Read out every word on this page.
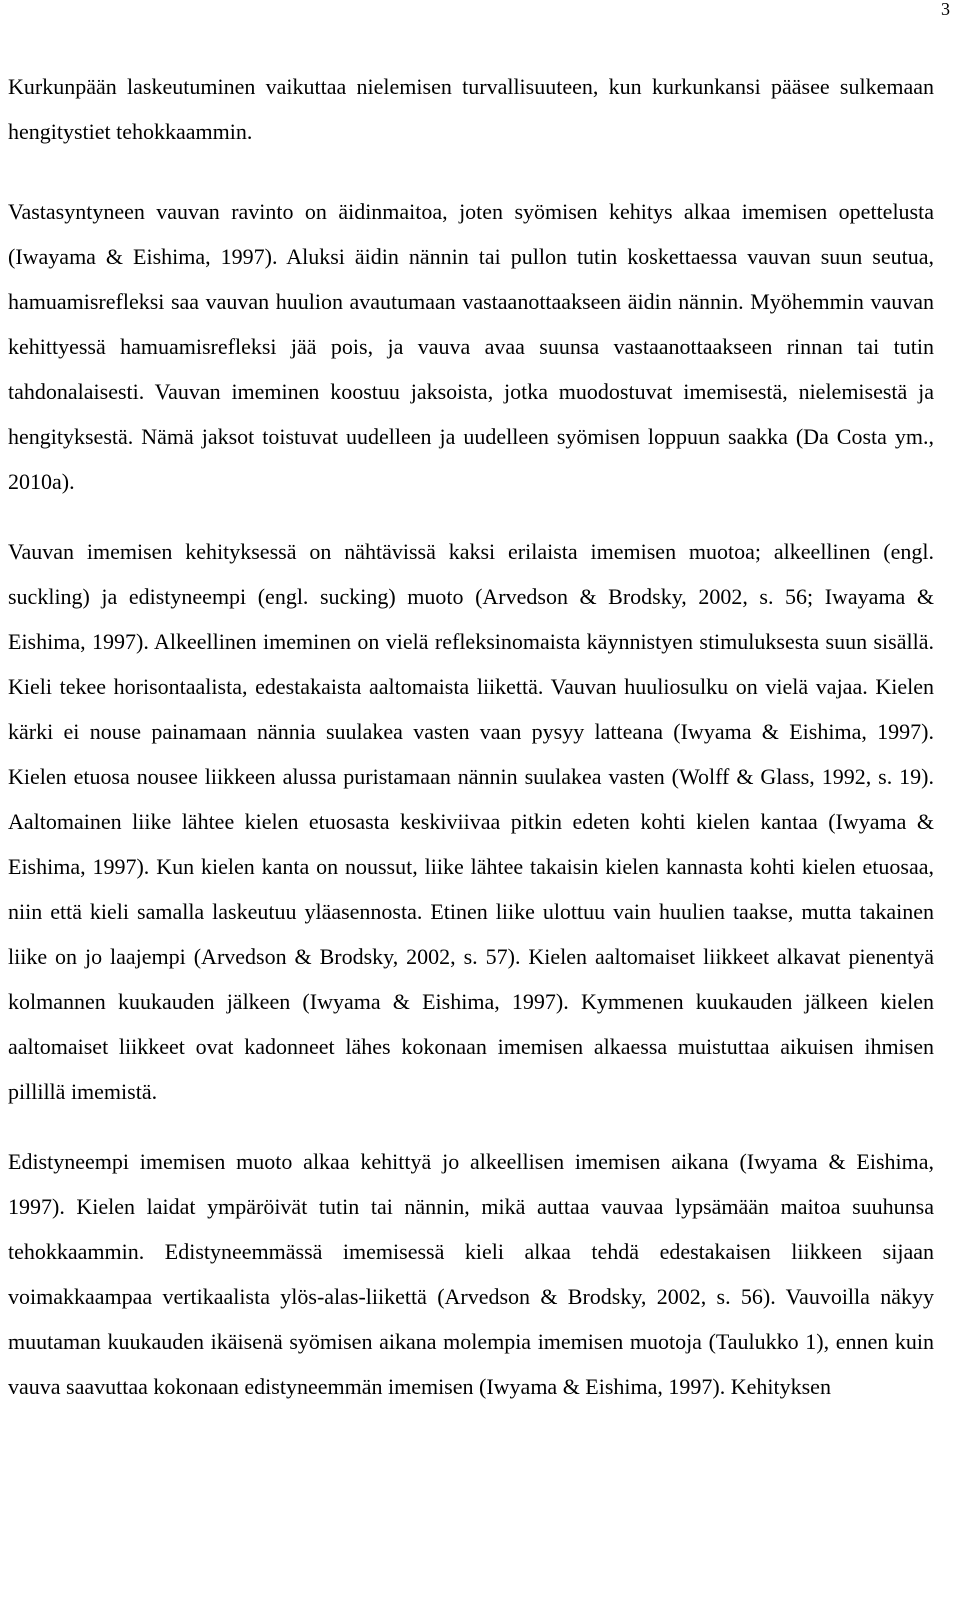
3

Kurkunpään laskeutuminen vaikuttaa nielemisen turvallisuuteen, kun kurkunkansi pääsee sulkemaan hengitystiet tehokkaammin.

Vastasyntyneen vauvan ravinto on äidinmaitoa, joten syömisen kehitys alkaa imemisen opettelusta (Iwayama & Eishima, 1997). Aluksi äidin nännin tai pullon tutin koskettaessa vauvan suun seutua, hamuamisrefleksi saa vauvan huulion avautumaan vastaanottaakseen äidin nännin. Myöhemmin vauvan kehittyessä hamuamisrefleksi jää pois, ja vauva avaa suunsa vastaanottaakseen rinnan tai tutin tahdonalaisesti. Vauvan imeminen koostuu jaksoista, jotka muodostuvat imemisestä, nielemisestä ja hengityksestä. Nämä jaksot toistuvat uudelleen ja uudelleen syömisen loppuun saakka (Da Costa ym., 2010a).

Vauvan imemisen kehityksessä on nähtävissä kaksi erilaista imemisen muotoa; alkeellinen (engl. suckling) ja edistyneempi (engl. sucking) muoto (Arvedson & Brodsky, 2002, s. 56; Iwayama & Eishima, 1997). Alkeellinen imeminen on vielä refleksinomaista käynnistyen stimuluksesta suun sisällä. Kieli tekee horisontaalista, edestakaista aaltomaista liikettä. Vauvan huuliosulku on vielä vajaa. Kielen kärki ei nouse painamaan nännia suulakea vasten vaan pysyy latteana (Iwyama & Eishima, 1997). Kielen etuosa nousee liikkeen alussa puristamaan nännin suulakea vasten (Wolff & Glass, 1992, s. 19). Aaltomainen liike lähtee kielen etuosasta keskiviivaa pitkin edeten kohti kielen kantaa (Iwyama & Eishima, 1997). Kun kielen kanta on noussut, liike lähtee takaisin kielen kannasta kohti kielen etuosaa, niin että kieli samalla laskeutuu yläasennosta. Etinen liike ulottuu vain huulien taakse, mutta takainen liike on jo laajempi (Arvedson & Brodsky, 2002, s. 57). Kielen aaltomaiset liikkeet alkavat pienentyä kolmannen kuukauden jälkeen (Iwyama & Eishima, 1997). Kymmenen kuukauden jälkeen kielen aaltomaiset liikkeet ovat kadonneet lähes kokonaan imemisen alkaessa muistuttaa aikuisen ihmisen pillillä imemistä.

Edistyneempi imemisen muoto alkaa kehittyä jo alkeellisen imemisen aikana (Iwyama & Eishima, 1997). Kielen laidat ympäröivät tutin tai nännin, mikä auttaa vauvaa lypsämään maitoa suuhunsa tehokkaammin. Edistyneemmässä imemisessä kieli alkaa tehdä edestakaisen liikkeen sijaan voimakkaampaa vertikaalista ylös-alas-liikettä (Arvedson & Brodsky, 2002, s. 56). Vauvoilla näkyy muutaman kuukauden ikäisenä syömisen aikana molempia imemisen muotoja (Taulukko 1), ennen kuin vauva saavuttaa kokonaan edistyneemmän imemisen (Iwyama & Eishima, 1997). Kehityksen
